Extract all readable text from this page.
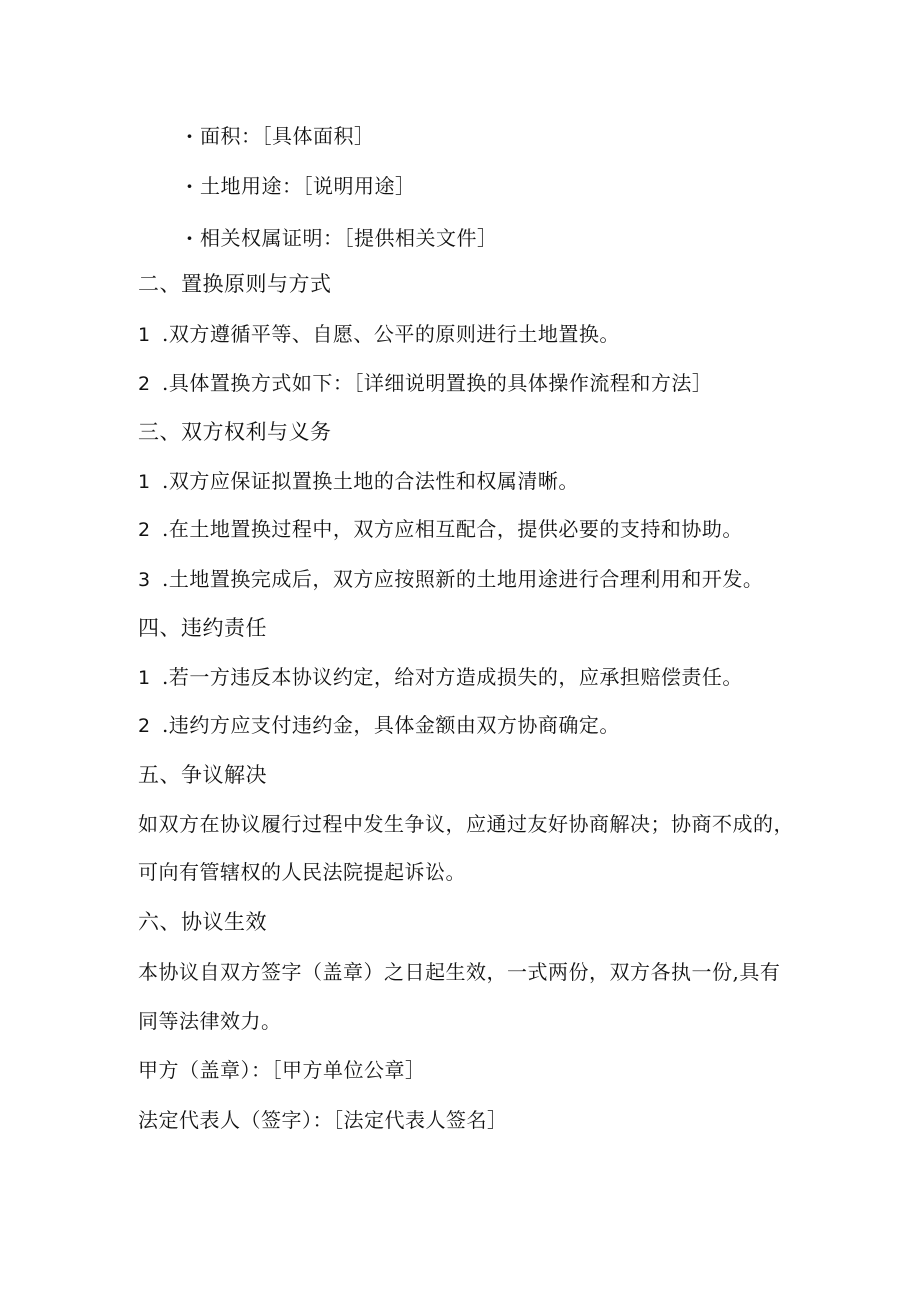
· 面积：［具体面积］
· 土地用途：［说明用途］
· 相关权属证明：［提供相关文件］
二、置换原则与方式
1 .双方遵循平等、自愿、公平的原则进行土地置换。
2 .具体置换方式如下：［详细说明置换的具体操作流程和方法］
三、双方权利与义务
1 .双方应保证拟置换土地的合法性和权属清晰。
2 .在土地置换过程中，双方应相互配合，提供必要的支持和协助。
3 .土地置换完成后，双方应按照新的土地用途进行合理利用和开发。
四、违约责任
1 .若一方违反本协议约定，给对方造成损失的，应承担赔偿责任。
2 .违约方应支付违约金，具体金额由双方协商确定。
五、争议解决
如双方在协议履行过程中发生争议，应通过友好协商解决；协商不成的，
可向有管辖权的人民法院提起诉讼。
六、协议生效
本协议自双方签字（盖章）之日起生效，一式两份，双方各执一份,具有
同等法律效力。
甲方（盖章）：［甲方单位公章］
法定代表人（签字）：［法定代表人签名］
